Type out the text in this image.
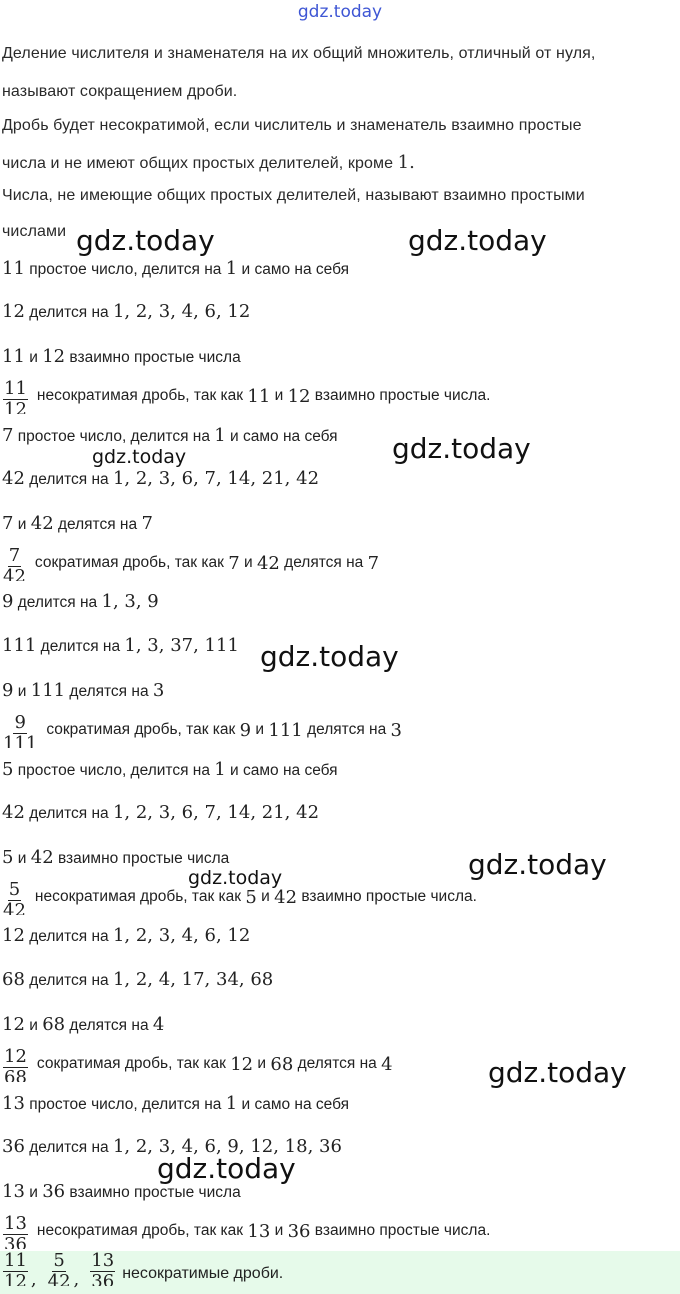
gdz.today
Деление числителя и знаменателя на их общий множитель, отличный от нуля,
называют сокращением дроби.
Дробь будет несократимой, если числитель и знаменатель взаимно простые
числа и не имеют общих простых делителей, кроме 1.
Числа, не имеющие общих простых делителей, называют взаимно простыми
числами gdz.today	gdz.today
gdz.today	gdz.today
gdz.today
gdz.today	gdz.today
gdz.today
gdz.today
11 простое число, делится на 1 и само на себя
12 делится на 1, 2, 3, 4, 6, 12
11 и 12 взаимно простые числа
$\frac{11}{12}$ несократимая дробь, так как
11
и
12
взаимно простые числа.
7 простое число, делится на 1 и само на себя
42 делится на 1, 2, 3, 6, 7, 14, 21, 42
7 и 42 делятся на 7
$\frac{7}{42}$ сократимая дробь, так как
7
и
42
делятся на
7
9 делится на 1, 3, 9
111 делится на 1, 3, 37, 111
9 и 111 делятся на 3
$\frac{9}{111}$ сократимая дробь, так как
9
и
111
делятся на
3
5 простое число, делится на 1 и само на себя
42 делится на 1, 2, 3, 6, 7, 14, 21, 42
5 и 42 взаимно простые числа
$\frac{5}{42}$ несократимая дробь, так как
5
и
42
взаимно простые числа.
12 делится на 1, 2, 3, 4, 6, 12
68 делится на 1, 2, 4, 17, 34, 68
12 и 68 делятся на 4
$\frac{12}{68}$ сократимая дробь, так как
12
и
68
делятся на
4
13 простое число, делится на 1 и само на себя
36 делится на 1, 2, 3, 4, 6, 9, 12, 18, 36
13 и 36 взаимно простые числа
$\frac{13}{36}$ несократимая дробь, так как
13
и
36
взаимно простые числа.
$\frac{11}{12}$ , $\frac{5}{42}$ , $\frac{13}{36}$ несократимые дроби.
